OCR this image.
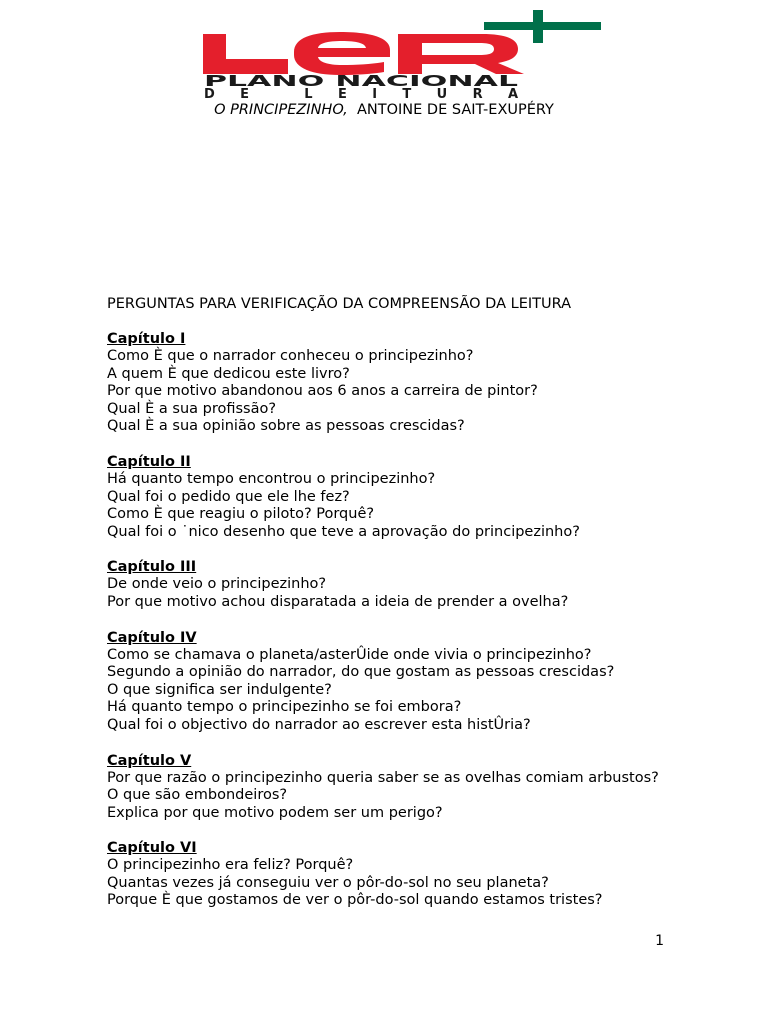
PLANO NACIONAL
DE LEITURA
O PRINCIPEZINHO, ANTOINE DE SAIT-EXUPÉRY
PERGUNTAS PARA VERIFICAÇÃO DA COMPREENSÃO DA LEITURA
Capítulo I
Como È que o narrador conheceu o principezinho?
A quem È que dedicou este livro?
Por que motivo abandonou aos 6 anos a carreira de pintor?
Qual È a sua profissão?
Qual È a sua opinião sobre as pessoas crescidas?
Capítulo II
Há quanto tempo encontrou o principezinho?
Qual foi o pedido que ele lhe fez?
Como È que reagiu o piloto? Porquê?
Qual foi o ˙nico desenho que teve a aprovação do principezinho?
Capítulo III
De onde veio o principezinho?
Por que motivo achou disparatada a ideia de prender a ovelha?
Capítulo IV
Como se chamava o planeta/asterÛide onde vivia o principezinho?
Segundo a opinião do narrador, do que gostam as pessoas crescidas?
O que significa ser indulgente?
Há quanto tempo o principezinho se foi embora?
Qual foi o objectivo do narrador ao escrever esta histÛria?
Capítulo V
Por que razão o principezinho queria saber se as ovelhas comiam arbustos?
O que são embondeiros?
Explica por que motivo podem ser um perigo?
Capítulo VI
O principezinho era feliz? Porquê?
Quantas vezes já conseguiu ver o pôr-do-sol no seu planeta?
Porque È que gostamos de ver o pôr-do-sol quando estamos tristes?
1
